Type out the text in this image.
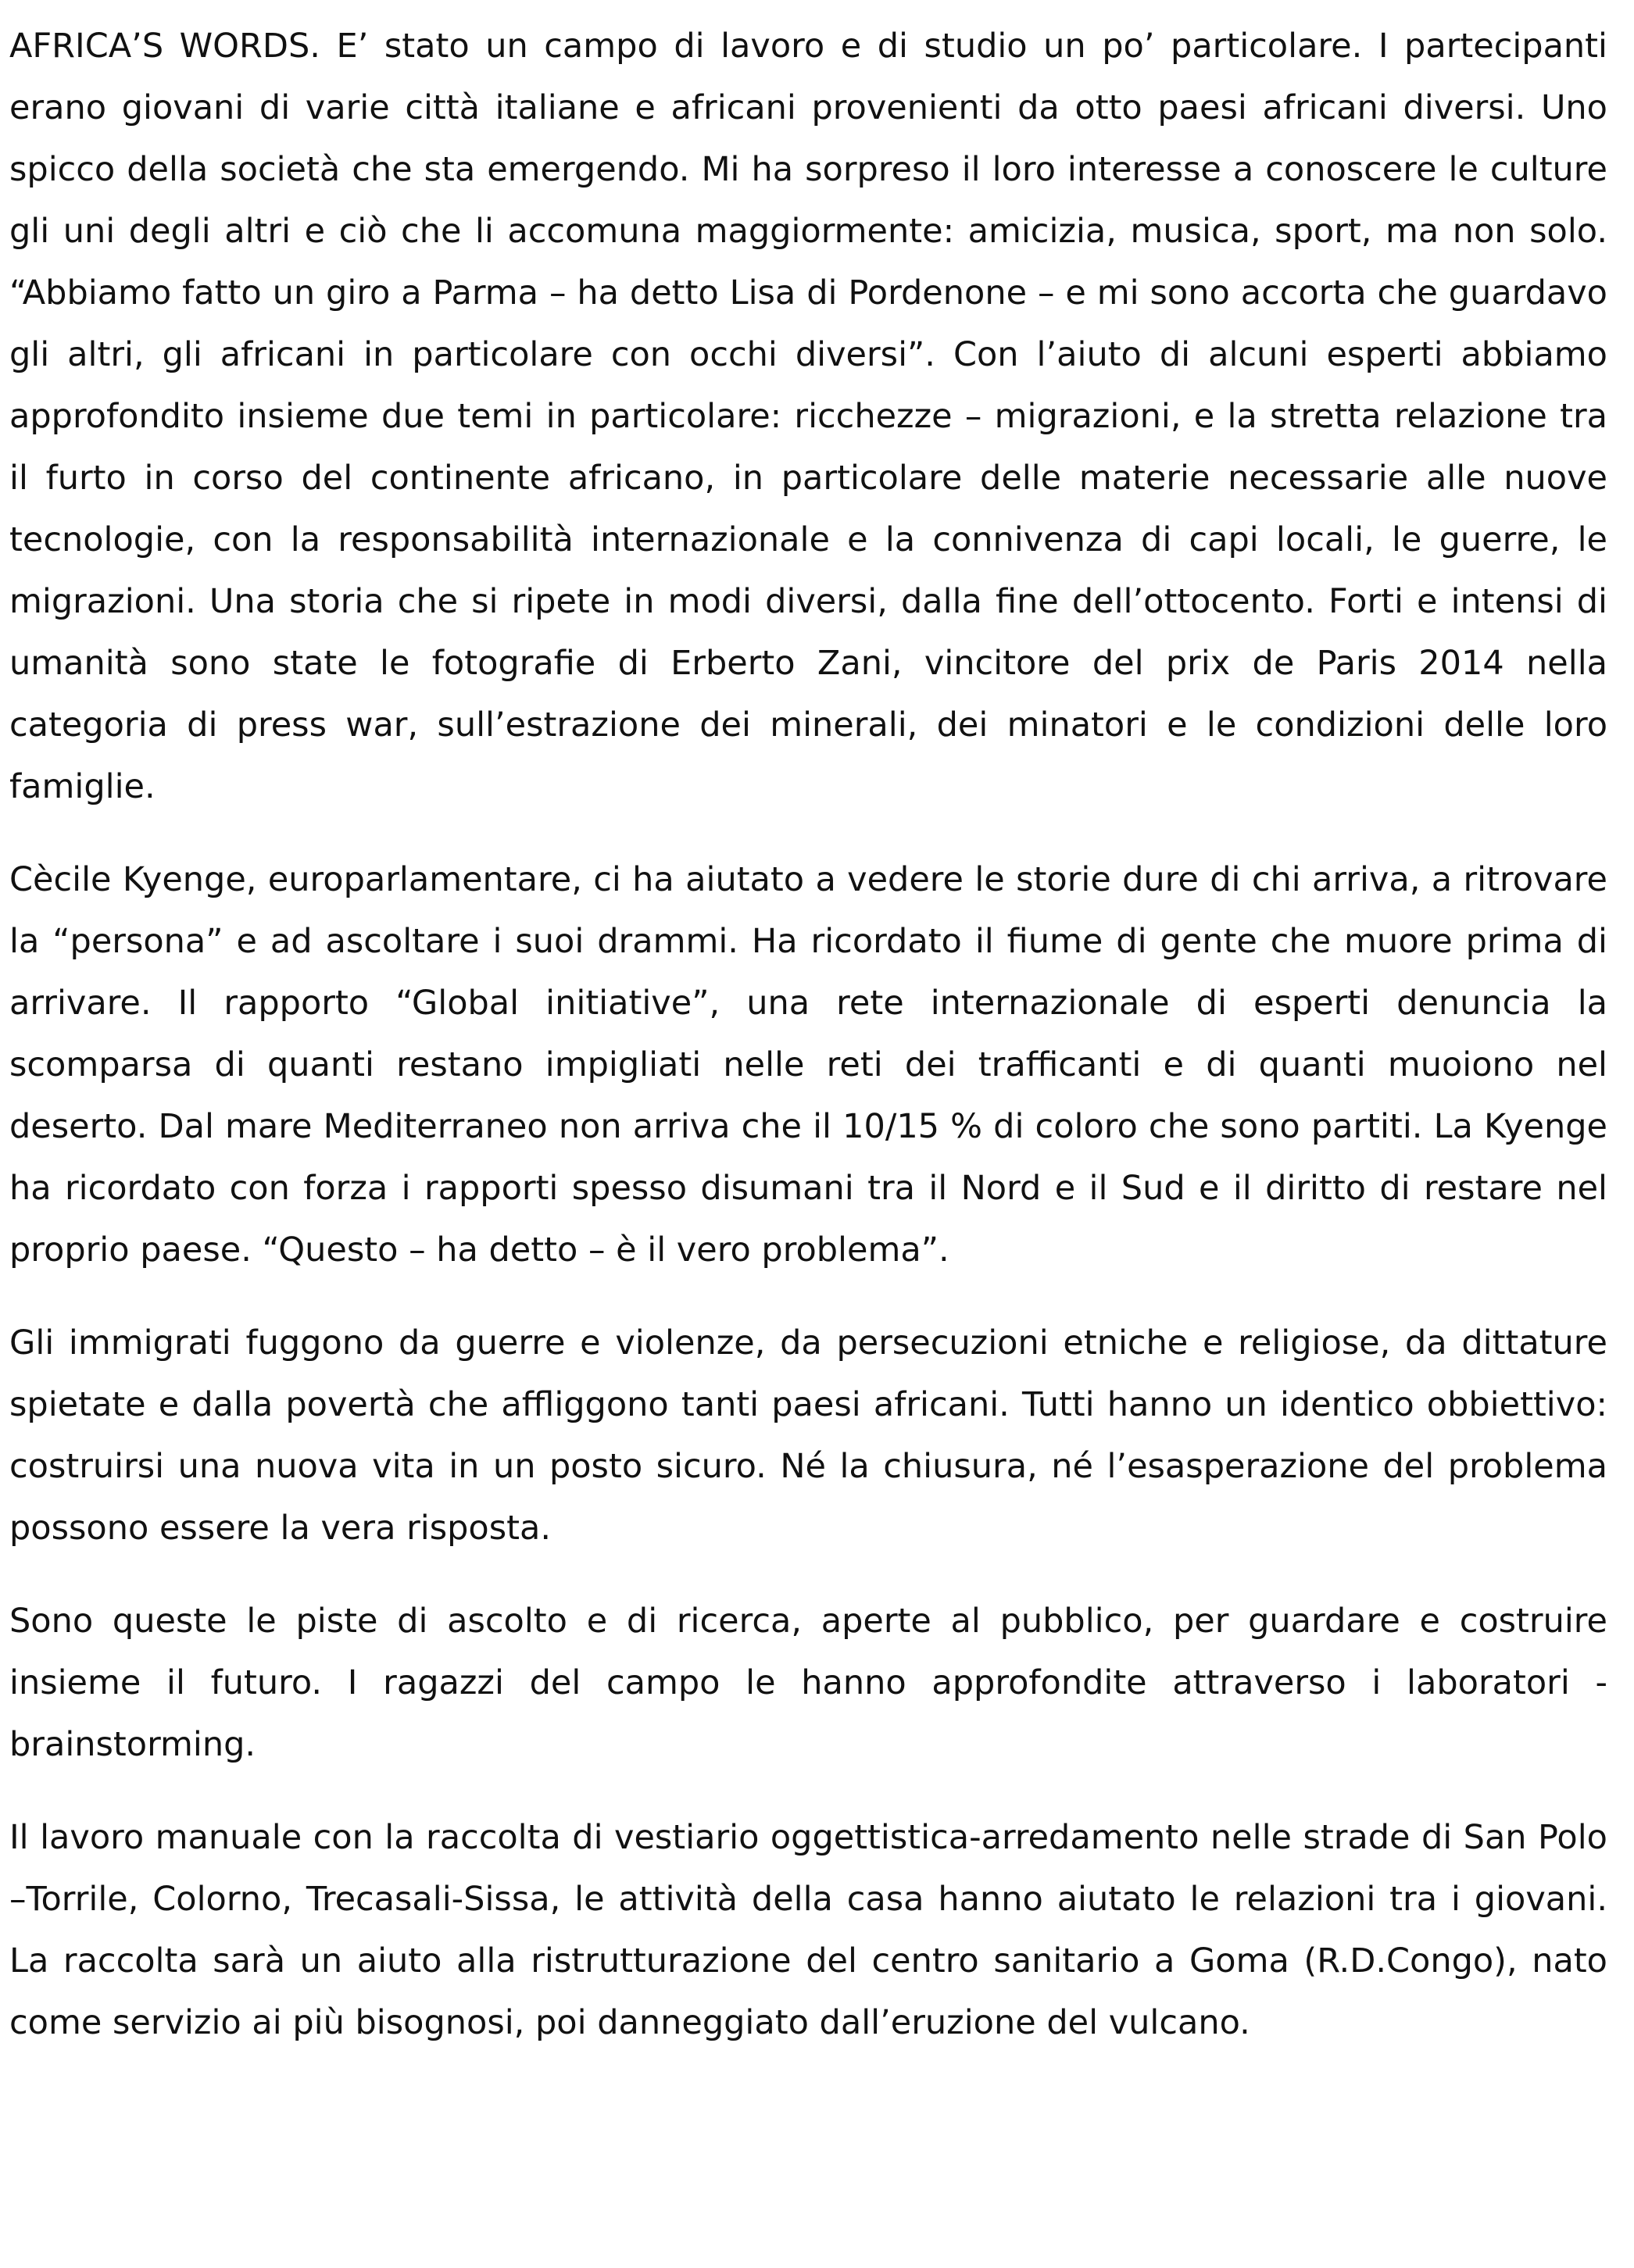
AFRICA’S WORDS. E’ stato un campo di lavoro e di studio un po’ particolare. I partecipanti erano giovani di varie città italiane e africani provenienti da otto paesi africani diversi. Uno spicco della società che sta emergendo. Mi ha sorpreso il loro interesse a conoscere le culture gli uni degli altri e ciò che li accomuna maggiormente: amicizia, musica, sport, ma non solo. “Abbiamo fatto un giro a Parma – ha detto Lisa di Pordenone – e mi sono accorta che guardavo gli altri, gli africani in particolare con occhi diversi”. Con l’aiuto di alcuni esperti abbiamo approfondito insieme due temi in particolare: ricchezze – migrazioni, e la stretta relazione tra il furto in corso del continente africano, in particolare delle materie necessarie alle nuove tecnologie, con la responsabilità internazionale e la connivenza di capi locali, le guerre, le migrazioni. Una storia che si ripete in modi diversi, dalla fine dell’ottocento. Forti e intensi di umanità sono state le fotografie di Erberto Zani, vincitore del prix de Paris 2014 nella categoria di press war, sull’estrazione dei minerali, dei minatori e le condizioni delle loro famiglie.

Cècile Kyenge, europarlamentare, ci ha aiutato a vedere le storie dure di chi arriva, a ritrovare la “persona” e ad ascoltare i suoi drammi. Ha ricordato il fiume di gente che muore prima di arrivare. Il rapporto “Global initiative”, una rete internazionale di esperti denuncia la scomparsa di quanti restano impigliati nelle reti dei trafficanti e di quanti muoiono nel deserto. Dal mare Mediterraneo non arriva che il 10/15 % di coloro che sono partiti. La Kyenge ha ricordato con forza i rapporti spesso disumani tra il Nord e il Sud e il diritto di restare nel proprio paese. “Questo – ha detto – è il vero problema”.

Gli immigrati fuggono da guerre e violenze, da persecuzioni etniche e religiose, da dittature spietate e dalla povertà che affliggono tanti paesi africani. Tutti hanno un identico obbiettivo: costruirsi una nuova vita in un posto sicuro. Né la chiusura, né l’esasperazione del problema possono essere la vera risposta.

Sono queste le piste di ascolto e di ricerca, aperte al pubblico, per guardare e costruire insieme il futuro. I ragazzi del campo le hanno approfondite attraverso i laboratori - brainstorming.

Il lavoro manuale con la raccolta di vestiario oggettistica-arredamento nelle strade di San Polo –Torrile, Colorno, Trecasali-Sissa, le attività della casa hanno aiutato le relazioni tra i giovani. La raccolta sarà un aiuto alla ristrutturazione del centro sanitario a Goma (R.D.Congo), nato come servizio ai più bisognosi, poi danneggiato dall’eruzione del vulcano.
